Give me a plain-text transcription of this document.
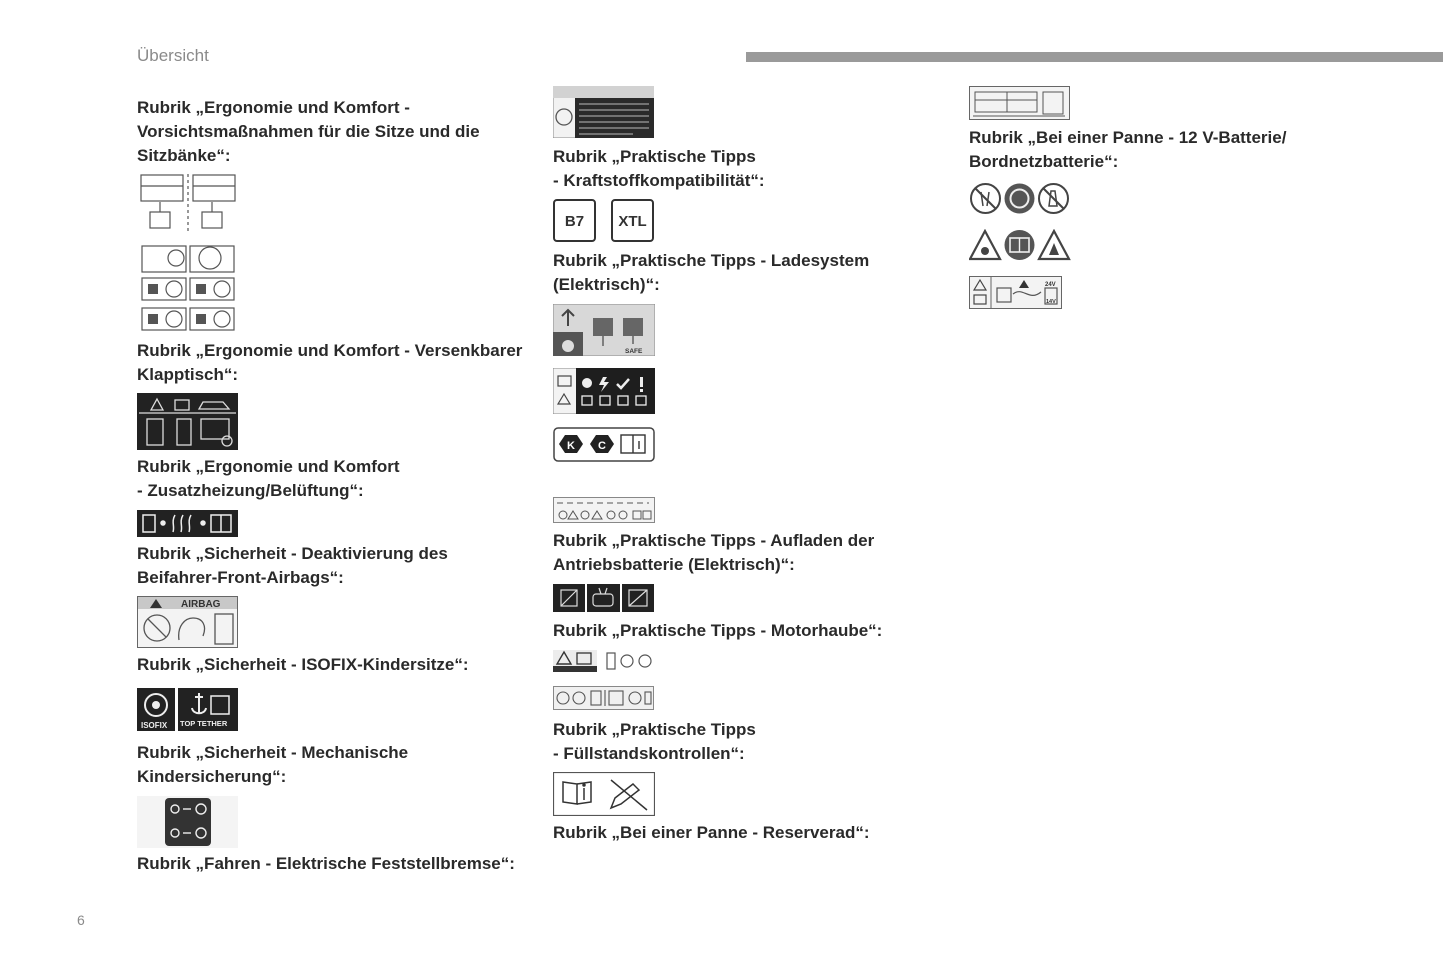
Übersicht
Rubrik „Ergonomie und Komfort -
Vorsichtsmaßnahmen für die Sitze und die
Sitzbänke“:
Rubrik „Ergonomie und Komfort - Versenkbarer
Klapptisch“:
Rubrik „Ergonomie und Komfort
- Zusatzheizung/Belüftung“:
Rubrik „Sicherheit - Deaktivierung des
Beifahrer-Front-Airbags“:
AIRBAG
Rubrik „Sicherheit - ISOFIX-Kindersitze“:
ISOFIX TOP TETHER
Rubrik „Sicherheit - Mechanische
Kindersicherung“:
Rubrik „Fahren - Elektrische Feststellbremse“:
Rubrik „Praktische Tipps
- Kraftstoffkompatibilität“:
B7 XTL
Rubrik „Praktische Tipps - Ladesystem
(Elektrisch)“:
SAFE
K C
Rubrik „Praktische Tipps - Aufladen der
Antriebsbatterie (Elektrisch)“:
Rubrik „Praktische Tipps - Motorhaube“:
Rubrik „Praktische Tipps
- Füllstandskontrollen“:
Rubrik „Bei einer Panne - Reserverad“:
Rubrik „Bei einer Panne - 12 V-Batterie/
Bordnetzbatterie“:
24V
14V
6
